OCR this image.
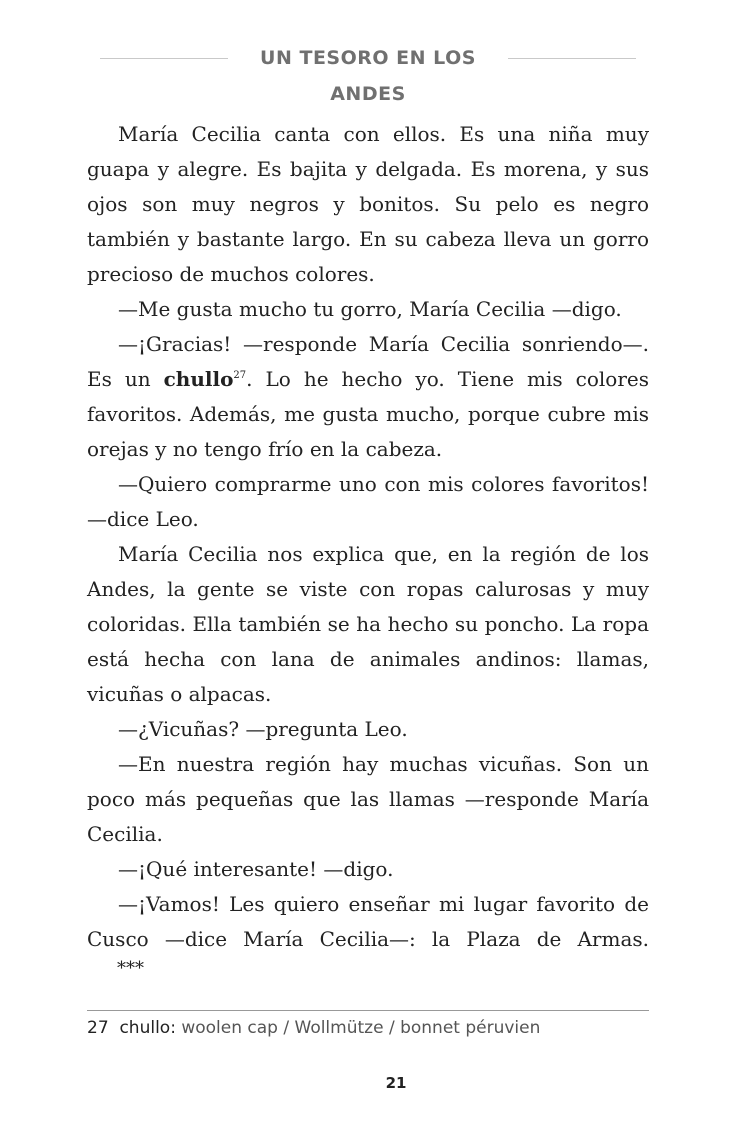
UN TESORO EN LOS ANDES

María Cecilia canta con ellos. Es una niña muy guapa y alegre. Es bajita y delgada. Es morena, y sus ojos son muy negros y bonitos. Su pelo es negro también y bastante largo. En su cabeza lleva un gorro precioso de muchos colores.

—Me gusta mucho tu gorro, María Cecilia —digo.

—¡Gracias! —responde María Cecilia sonriendo—. Es un chullo$^{27}$. Lo he hecho yo. Tiene mis colores favoritos. Además, me gusta mucho, porque cubre mis orejas y no tengo frío en la cabeza.

—Quiero comprarme uno con mis colores favoritos! —dice Leo.

María Cecilia nos explica que, en la región de los Andes, la gente se viste con ropas calurosas y muy coloridas. Ella también se ha hecho su poncho. La ropa está hecha con lana de animales andinos: llamas, vicuñas o alpacas.

—¿Vicuñas? —pregunta Leo.

—En nuestra región hay muchas vicuñas. Son un poco más pequeñas que las llamas —responde María Cecilia.

—¡Qué interesante! —digo.

—¡Vamos! Les quiero enseñar mi lugar favorito de Cusco —dice María Cecilia—: la Plaza de Armas.

***

27 chullo: woolen cap / Wollmütze / bonnet péruvien
21
